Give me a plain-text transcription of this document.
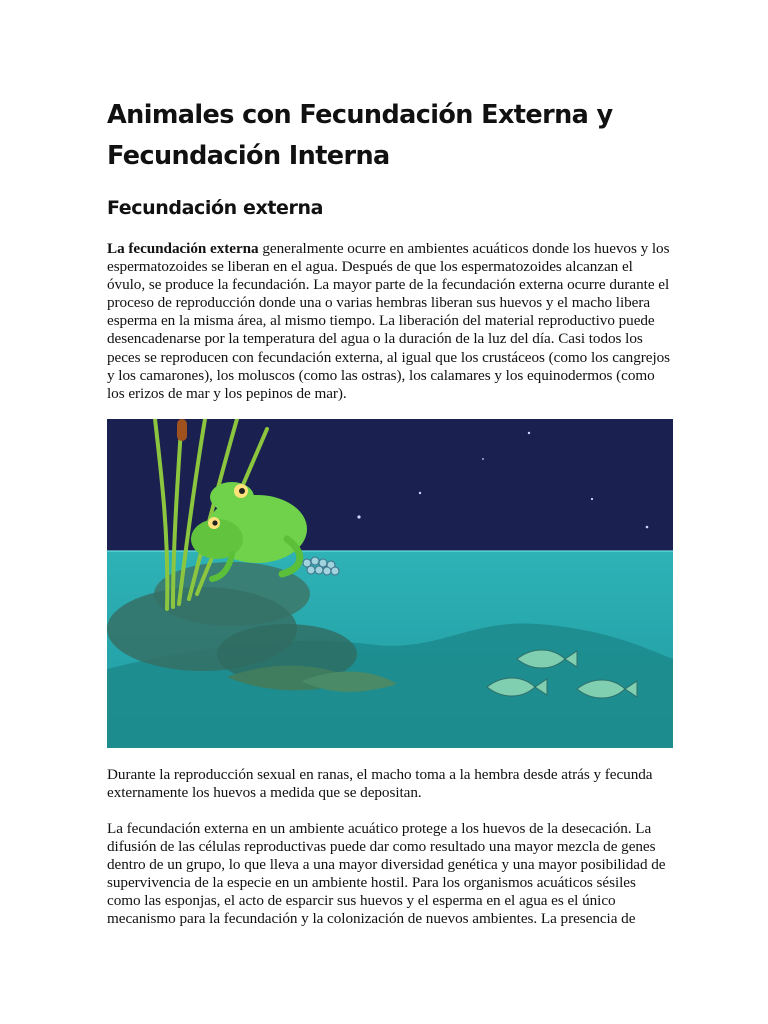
Animales con Fecundación Externa y Fecundación Interna
Fecundación externa

La fecundación externa generalmente ocurre en ambientes acuáticos donde los huevos y los espermatozoides se liberan en el agua. Después de que los espermatozoides alcanzan el óvulo, se produce la fecundación. La mayor parte de la fecundación externa ocurre durante el proceso de reproducción donde una o varias hembras liberan sus huevos y el macho libera esperma en la misma área, al mismo tiempo. La liberación del material reproductivo puede desencadenarse por la temperatura del agua o la duración de la luz del día. Casi todos los peces se reproducen con fecundación externa, al igual que los crustáceos (como los cangrejos y los camarones), los moluscos (como las ostras), los calamares y los equinodermos (como los erizos de mar y los pepinos de mar).

Durante la reproducción sexual en ranas, el macho toma a la hembra desde atrás y fecunda externamente los huevos a medida que se depositan.

La fecundación externa en un ambiente acuático protege a los huevos de la desecación. La difusión de las células reproductivas puede dar como resultado una mayor mezcla de genes dentro de un grupo, lo que lleva a una mayor diversidad genética y una mayor posibilidad de supervivencia de la especie en un ambiente hostil. Para los organismos acuáticos sésiles como las esponjas, el acto de esparcir sus huevos y el esperma en el agua es el único mecanismo para la fecundación y la colonización de nuevos ambientes. La presencia de
